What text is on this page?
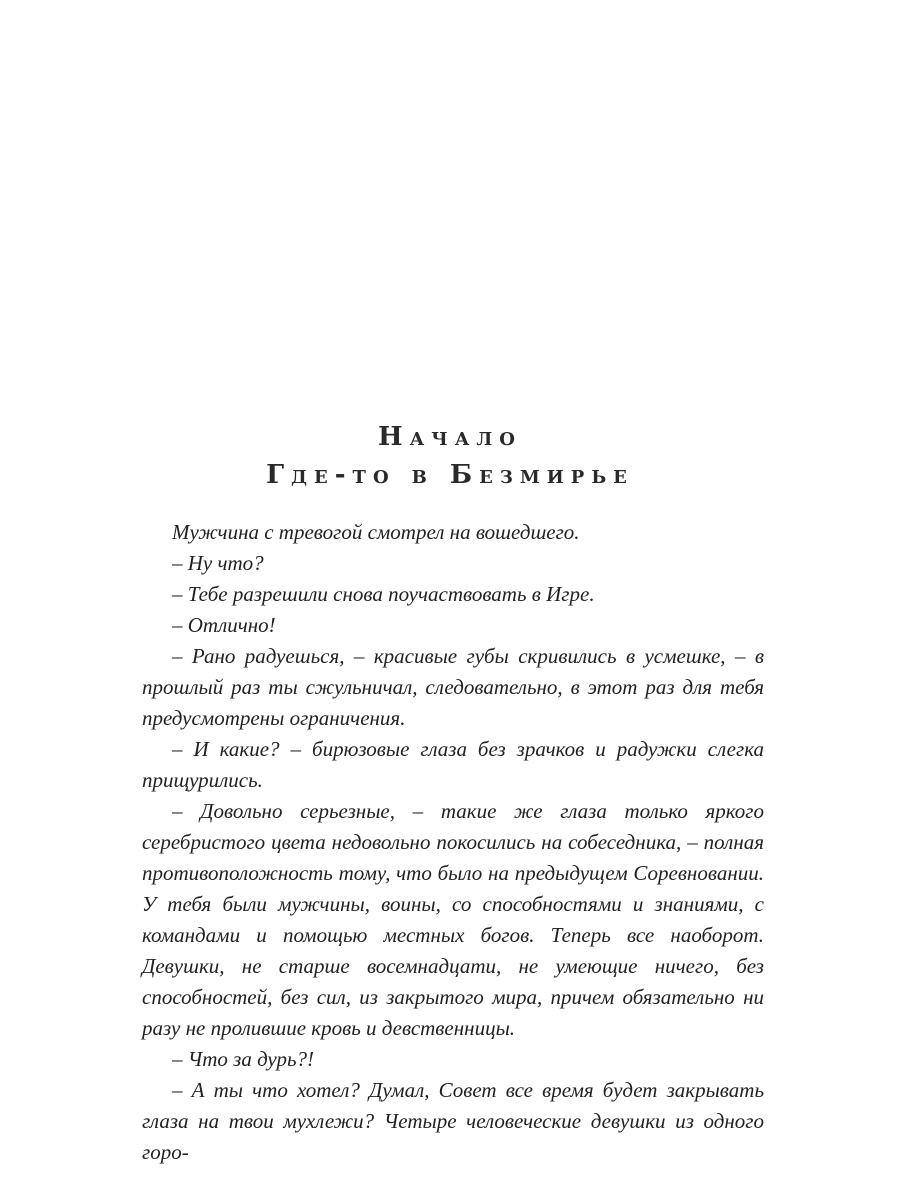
Начало
Где-то в Безмирье

Мужчина с тревогой смотрел на вошедшего.

– Ну что?

– Тебе разрешили снова поучаствовать в Игре.

– Отлично!

– Рано радуешься, – красивые губы скривились в усмешке, – в прошлый раз ты сжульничал, следовательно, в этот раз для тебя предусмотрены ограничения.

– И какие? – бирюзовые глаза без зрачков и радужки слегка прищурились.

– Довольно серьезные, – такие же глаза только яркого серебристого цвета недовольно покосились на собеседника, – полная противоположность тому, что было на предыдущем Соревновании. У тебя были мужчины, воины, со способностями и знаниями, с командами и помощью местных богов. Теперь все наоборот. Девушки, не старше восемнадцати, не умеющие ничего, без способностей, без сил, из закрытого мира, причем обязательно ни разу не пролившие кровь и девственницы.

– Что за дурь?!

– А ты что хотел? Думал, Совет все время будет закрывать глаза на твои мухлежи? Четыре человеческие девушки из одного горо-
